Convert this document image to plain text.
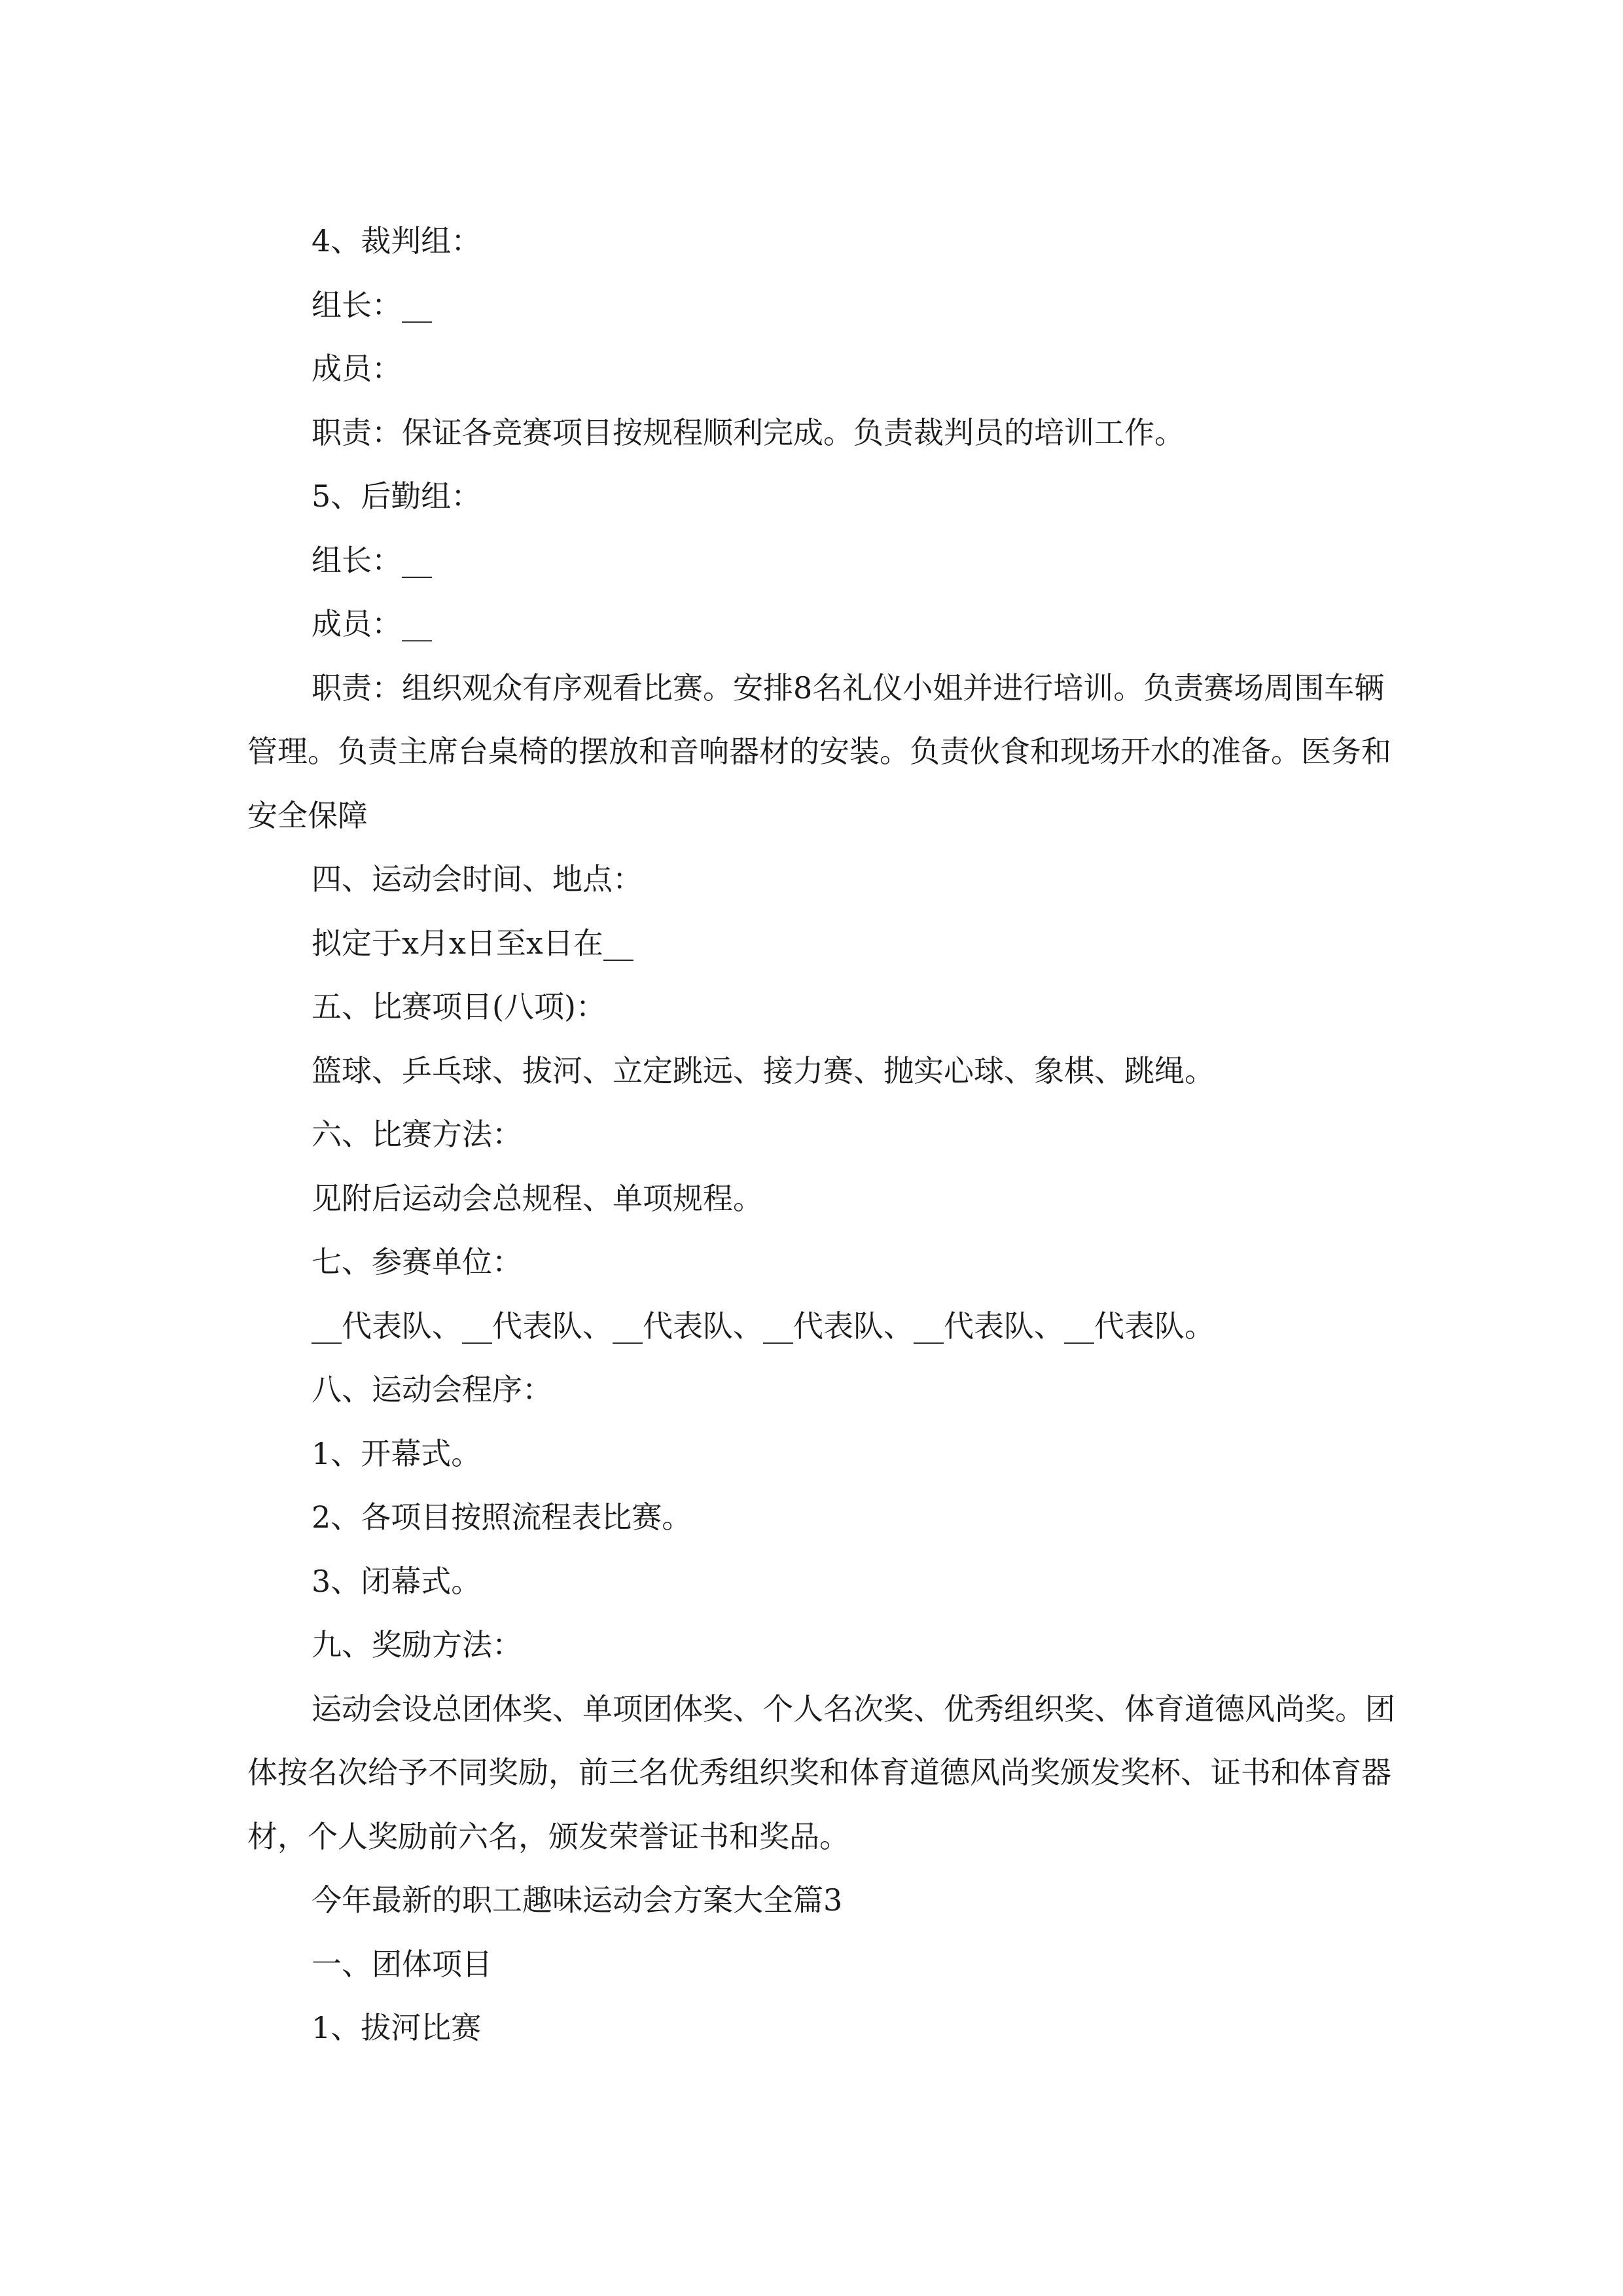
4、裁判组：

组长：__

成员：

职责：保证各竞赛项目按规程顺利完成。负责裁判员的培训工作。

5、后勤组：

组长：__

成员：__

职责：组织观众有序观看比赛。安排8名礼仪小姐并进行培训。负责赛场周围车辆管理。负责主席台桌椅的摆放和音响器材的安装。负责伙食和现场开水的准备。医务和安全保障

四、运动会时间、地点：

拟定于x月x日至x日在__

五、比赛项目(八项)：

篮球、乒乓球、拔河、立定跳远、接力赛、抛实心球、象棋、跳绳。

六、比赛方法：

见附后运动会总规程、单项规程。

七、参赛单位：

__代表队、__代表队、__代表队、__代表队、__代表队、__代表队。

八、运动会程序：

1、开幕式。

2、各项目按照流程表比赛。

3、闭幕式。

九、奖励方法：

运动会设总团体奖、单项团体奖、个人名次奖、优秀组织奖、体育道德风尚奖。团体按名次给予不同奖励，前三名优秀组织奖和体育道德风尚奖颁发奖杯、证书和体育器材，个人奖励前六名，颁发荣誉证书和奖品。

今年最新的职工趣味运动会方案大全篇3

一、团体项目

1、拔河比赛
